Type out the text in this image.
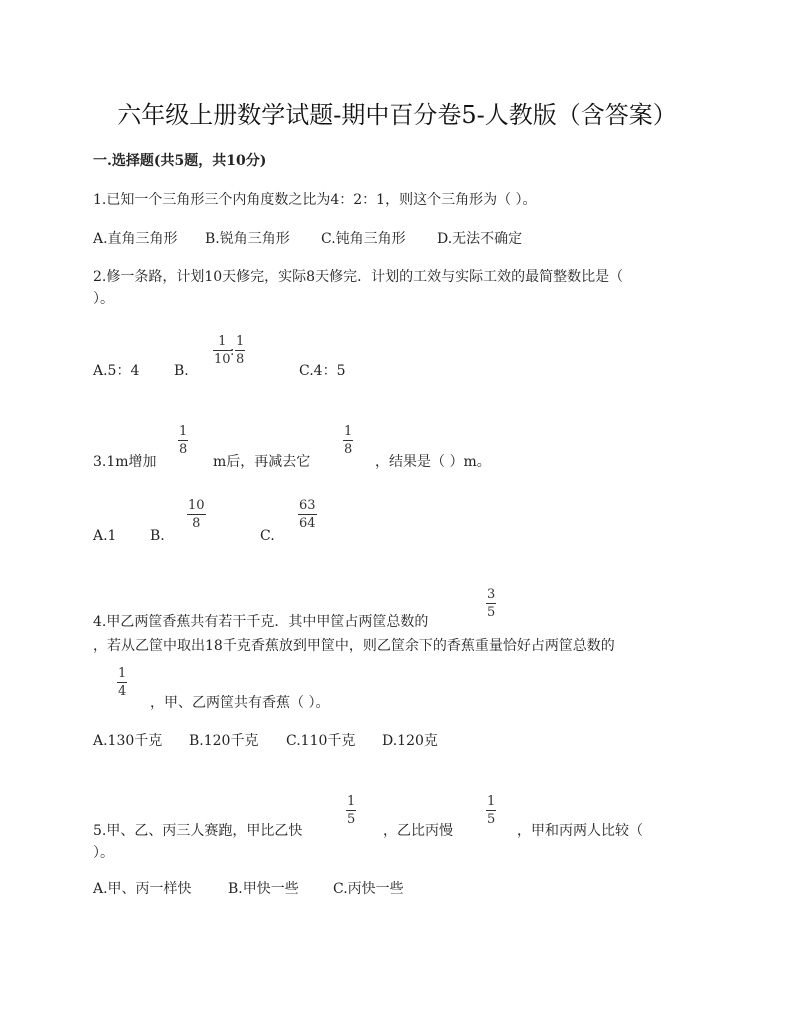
六年级上册数学试题-期中百分卷5-人教版（含答案）
一.选择题(共5题，共10分)
1.已知一个三角形三个内角度数之比为4：2：1，则这个三角形为（ ）。
A.直角三角形 B.锐角三角形 C.钝角三角形 D.无法不确定
2.修一条路，计划10天修完，实际8天修完．计划的工效与实际工效的最简整数比是（
）。
A.5：4 B.
1
10
:
1
8
C.4：5
3.1m增加
1
8
m后，再减去它
1
8
，结果是（ ）m。
A.1 B.
10
8
C.
63
64
4.甲乙两筐香蕉共有若干千克．其中甲筐占两筐总数的
3
5
，若从乙筐中取出18千克香蕉放到甲筐中，则乙筐余下的香蕉重量恰好占两筐总数的
1
4
，甲、乙两筐共有香蕉（ ）。
A.130千克 B.120千克 C.110千克 D.120克
5.甲、乙、丙三人赛跑，甲比乙快
1
5
，乙比丙慢
1
5
，甲和丙两人比较（
）。
A.甲、丙一样快	B.甲快一些 C.丙快一些
